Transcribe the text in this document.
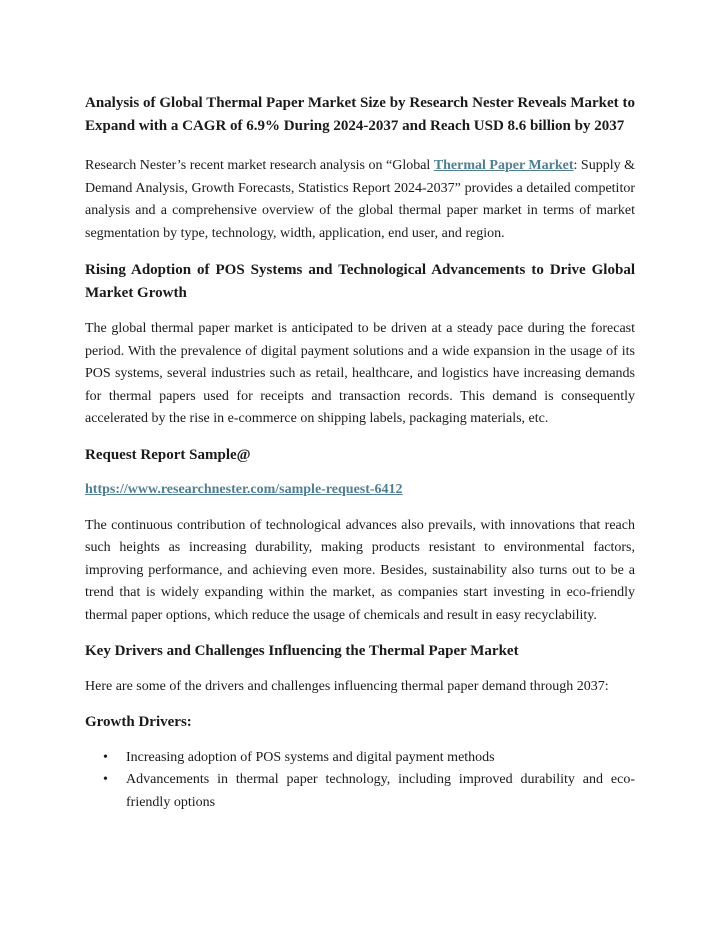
Analysis of Global Thermal Paper Market Size by Research Nester Reveals Market to Expand with a CAGR of 6.9% During 2024-2037 and Reach USD 8.6 billion by 2037

Research Nester’s recent market research analysis on “Global Thermal Paper Market: Supply & Demand Analysis, Growth Forecasts, Statistics Report 2024-2037” provides a detailed competitor analysis and a comprehensive overview of the global thermal paper market in terms of market segmentation by type, technology, width, application, end user, and region.

Rising Adoption of POS Systems and Technological Advancements to Drive Global Market Growth

The global thermal paper market is anticipated to be driven at a steady pace during the forecast period. With the prevalence of digital payment solutions and a wide expansion in the usage of its POS systems, several industries such as retail, healthcare, and logistics have increasing demands for thermal papers used for receipts and transaction records. This demand is consequently accelerated by the rise in e-commerce on shipping labels, packaging materials, etc.

Request Report Sample@

https://www.researchnester.com/sample-request-6412

The continuous contribution of technological advances also prevails, with innovations that reach such heights as increasing durability, making products resistant to environmental factors, improving performance, and achieving even more. Besides, sustainability also turns out to be a trend that is widely expanding within the market, as companies start investing in eco-friendly thermal paper options, which reduce the usage of chemicals and result in easy recyclability.

Key Drivers and Challenges Influencing the Thermal Paper Market

Here are some of the drivers and challenges influencing thermal paper demand through 2037:

Growth Drivers:

• Increasing adoption of POS systems and digital payment methods
• Advancements in thermal paper technology, including improved durability and eco-friendly options
